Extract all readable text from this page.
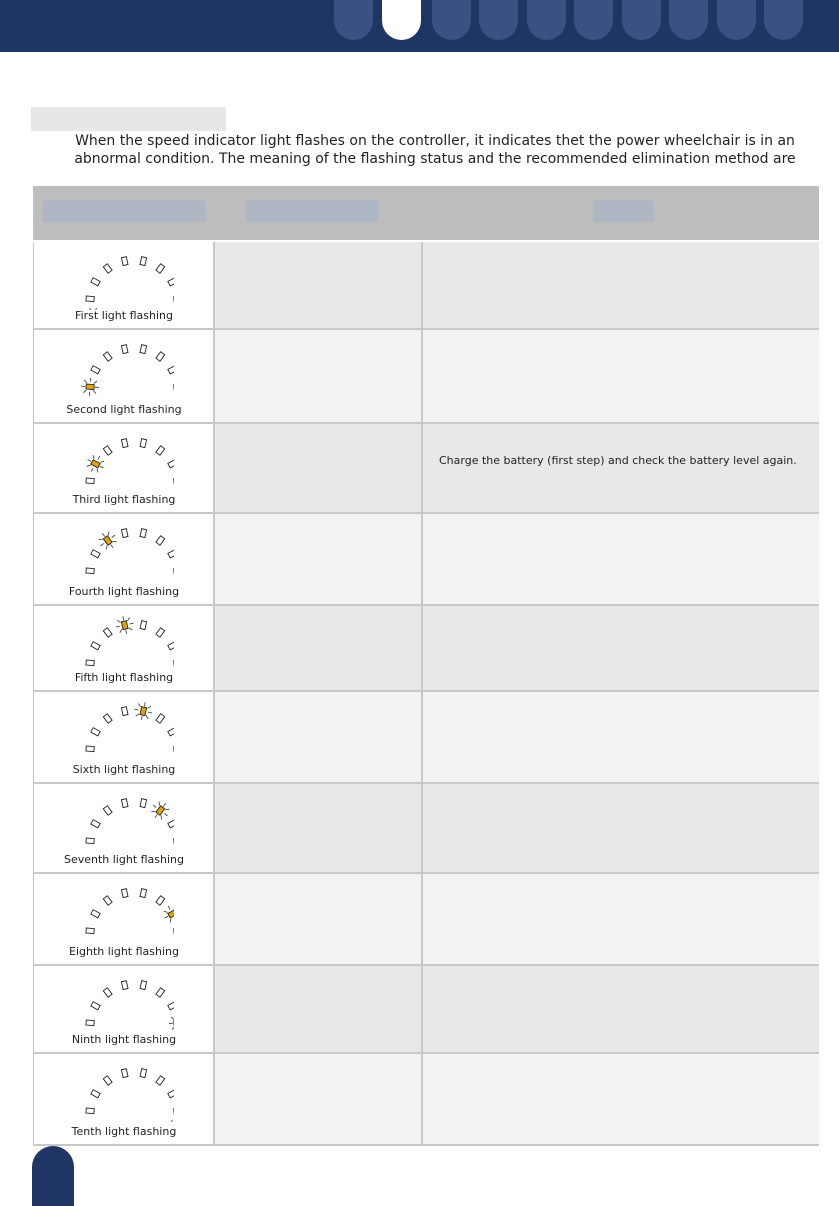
When the speed indicator light flashes on the controller, it indicates thet the power wheelchair is in an
abnormal condition. The meaning of the flashing status and the recommended elimination method are
First light flashing
Second light flashing
Third light flashing
Charge the battery (first step) and check the battery level again.
Fourth light flashing
Fifth light flashing
Sixth light flashing
Seventh light flashing
Eighth light flashing
Ninth light flashing
Tenth light flashing
